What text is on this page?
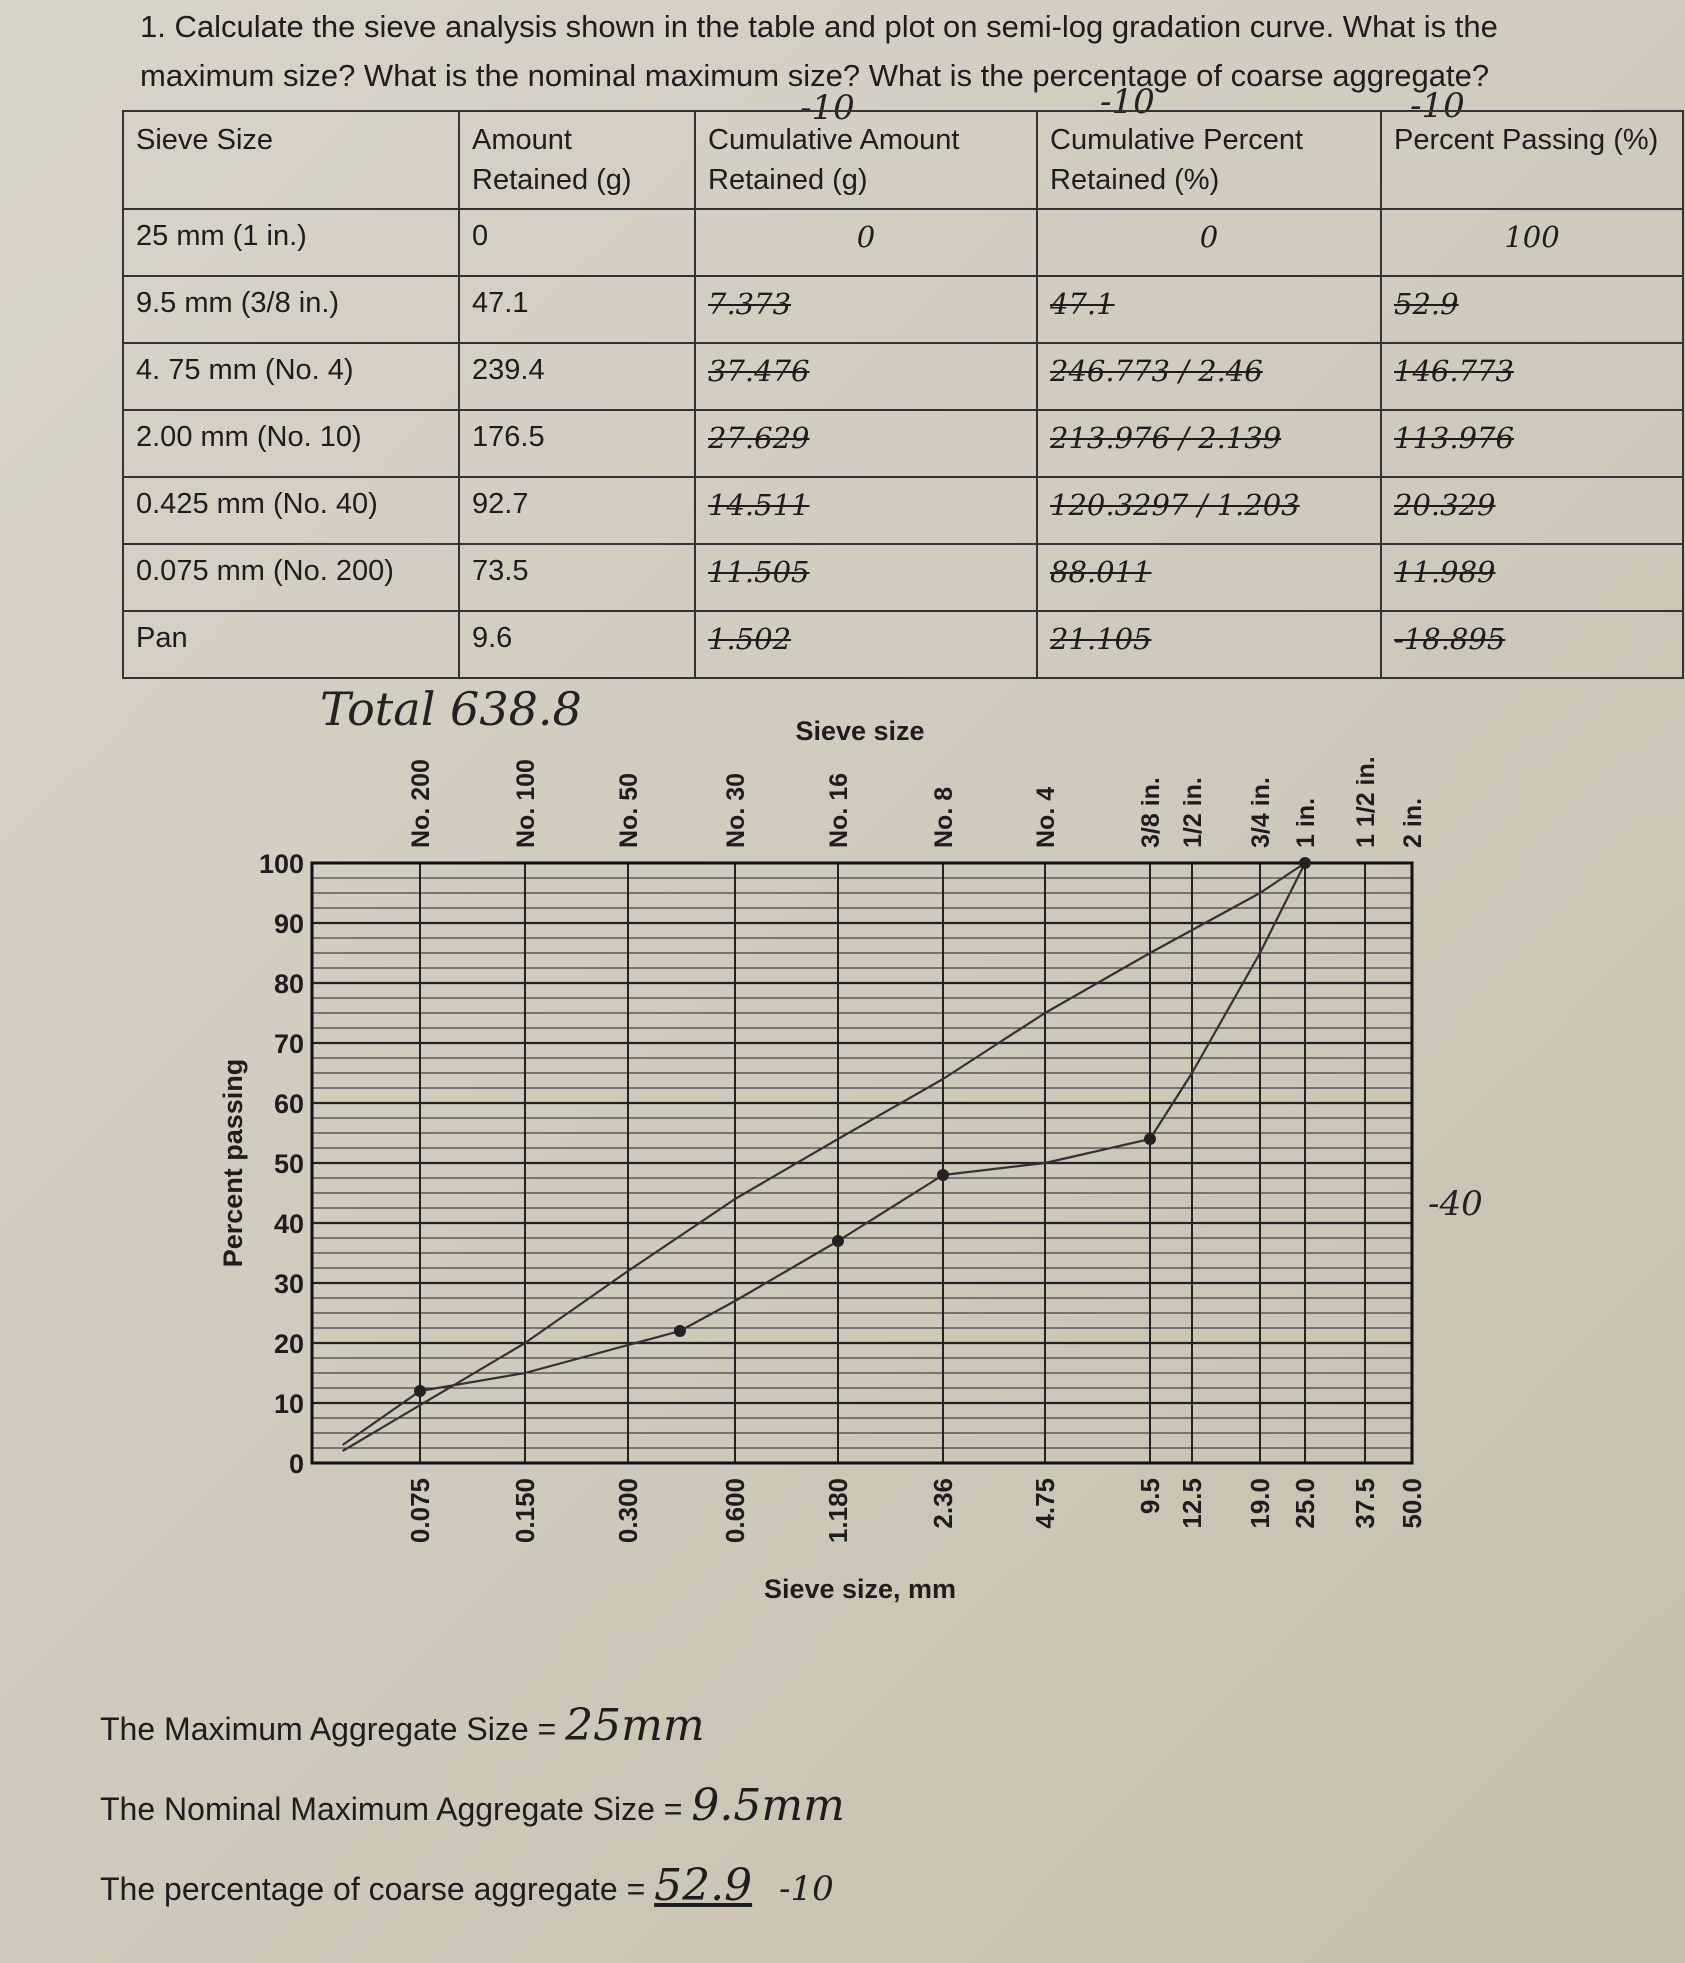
1. Calculate the sieve analysis shown in the table and plot on semi-log gradation curve. What is the maximum size? What is the nominal maximum size? What is the percentage of coarse aggregate?
-10	-10	-10
Sieve Size	Amount Retained (g)	Cumulative Amount Retained (g)	Cumulative Percent Retained (%)	Percent Passing (%)
25 mm (1 in.)	0	0	0	100
9.5 mm (3/8 in.)	47.1	7.373	47.1	52.9
4. 75 mm (No. 4)	239.4	37.476	246.773 / 2.46	146.773
2.00 mm (No. 10)	176.5	27.629	213.976 / 2.139	113.976
0.425 mm (No. 40)	92.7	14.511	120.3297 / 1.203	20.329
0.075 mm (No. 200)	73.5	11.505	88.011	11.989
Pan	9.6	1.502	21.105	-18.895
Total 638.8
0
10
20
30
40
50
60
70
80
90
100
0.075
No. 200
0.150
No. 100
0.300
No. 50
0.600
No. 30
1.180
No. 16
2.36
No. 8
4.75
No. 4
9.5
3/8 in.
12.5
1/2 in.
19.0
3/4 in.
25.0
1 in.
37.5
1 1/2 in.
50.0
2 in.
Sieve size
Sieve size, mm
Percent passing	-40
The Maximum Aggregate Size = 25mm
The Nominal Maximum Aggregate Size = 9.5mm
The percentage of coarse aggregate = 52.9 -10
